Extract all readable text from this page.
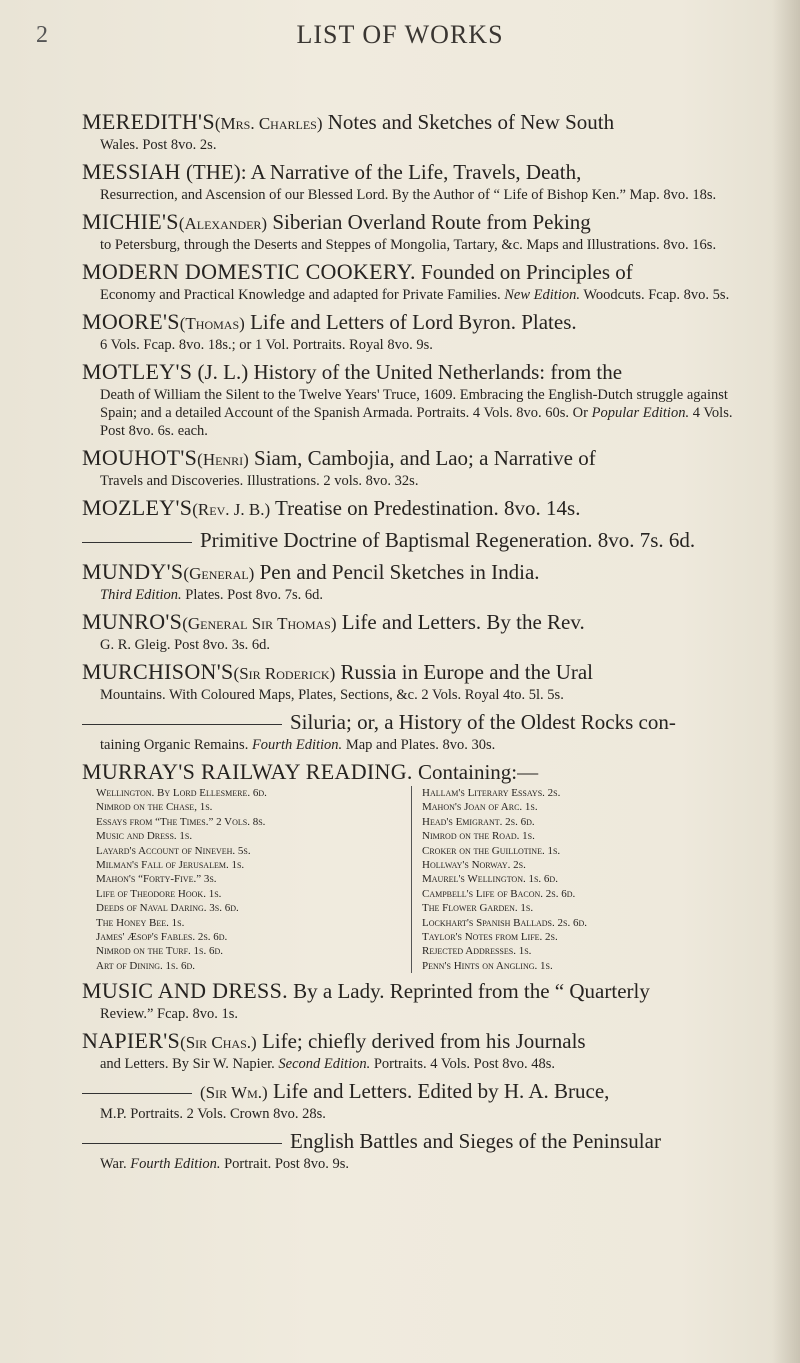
2	LIST OF WORKS
MEREDITH'S(Mrs. Charles) Notes and Sketches of New South
Wales. Post 8vo. 2s.
MESSIAH (THE): A Narrative of the Life, Travels, Death,
Resurrection, and Ascension of our Blessed Lord. By the Author of “ Life of Bishop Ken.” Map. 8vo. 18s.
MICHIE'S(Alexander) Siberian Overland Route from Peking
to Petersburg, through the Deserts and Steppes of Mongolia, Tartary, &c. Maps and Illustrations. 8vo. 16s.
MODERN DOMESTIC COOKERY. Founded on Principles of
Economy and Practical Knowledge and adapted for Private Families. New Edition. Woodcuts. Fcap. 8vo. 5s.
MOORE'S(Thomas) Life and Letters of Lord Byron. Plates.
6 Vols. Fcap. 8vo. 18s.; or 1 Vol. Portraits. Royal 8vo. 9s.
MOTLEY'S (J. L.) History of the United Netherlands: from the
Death of William the Silent to the Twelve Years' Truce, 1609. Embracing the English-Dutch struggle against Spain; and a detailed Account of the Spanish Armada. Portraits. 4 Vols. 8vo. 60s. Or Popular Edition. 4 Vols. Post 8vo. 6s. each.
MOUHOT'S(Henri) Siam, Cambojia, and Lao; a Narrative of
Travels and Discoveries. Illustrations. 2 vols. 8vo. 32s.
MOZLEY'S(Rev. J. B.) Treatise on Predestination. 8vo. 14s.
Primitive Doctrine of Baptismal Regeneration. 8vo. 7s. 6d.
MUNDY'S(General) Pen and Pencil Sketches in India.
Third Edition. Plates. Post 8vo. 7s. 6d.
MUNRO'S(General Sir Thomas) Life and Letters. By the Rev.
G. R. Gleig. Post 8vo. 3s. 6d.
MURCHISON'S(Sir Roderick) Russia in Europe and the Ural
Mountains. With Coloured Maps, Plates, Sections, &c. 2 Vols. Royal 4to. 5l. 5s.
Siluria; or, a History of the Oldest Rocks con-
taining Organic Remains. Fourth Edition. Map and Plates. 8vo. 30s.
MURRAY'S RAILWAY READING. Containing:—
Wellington. By Lord Ellesmere. 6d.
Nimrod on the Chase, 1s.
Essays from “The Times.” 2 Vols. 8s.
Music and Dress. 1s.
Layard's Account of Nineveh. 5s.
Milman's Fall of Jerusalem. 1s.
Mahon's “Forty-Five.” 3s.
Life of Theodore Hook. 1s.
Deeds of Naval Daring. 3s. 6d.
The Honey Bee. 1s.
James' Æsop's Fables. 2s. 6d.
Nimrod on the Turf. 1s. 6d.
Art of Dining. 1s. 6d.
Hallam's Literary Essays. 2s.
Mahon's Joan of Arc. 1s.
Head's Emigrant. 2s. 6d.
Nimrod on the Road. 1s.
Croker on the Guillotine. 1s.
Hollway's Norway. 2s.
Maurel's Wellington. 1s. 6d.
Campbell's Life of Bacon. 2s. 6d.
The Flower Garden. 1s.
Lockhart's Spanish Ballads. 2s. 6d.
Taylor's Notes from Life. 2s.
Rejected Addresses. 1s.
Penn's Hints on Angling. 1s.
MUSIC AND DRESS. By a Lady. Reprinted from the “ Quarterly
Review.” Fcap. 8vo. 1s.
NAPIER'S(Sir Chas.) Life; chiefly derived from his Journals
and Letters. By Sir W. Napier. Second Edition. Portraits. 4 Vols. Post 8vo. 48s.
(Sir Wm.) Life and Letters. Edited by H. A. Bruce,
M.P. Portraits. 2 Vols. Crown 8vo. 28s.
English Battles and Sieges of the Peninsular
War. Fourth Edition. Portrait. Post 8vo. 9s.
